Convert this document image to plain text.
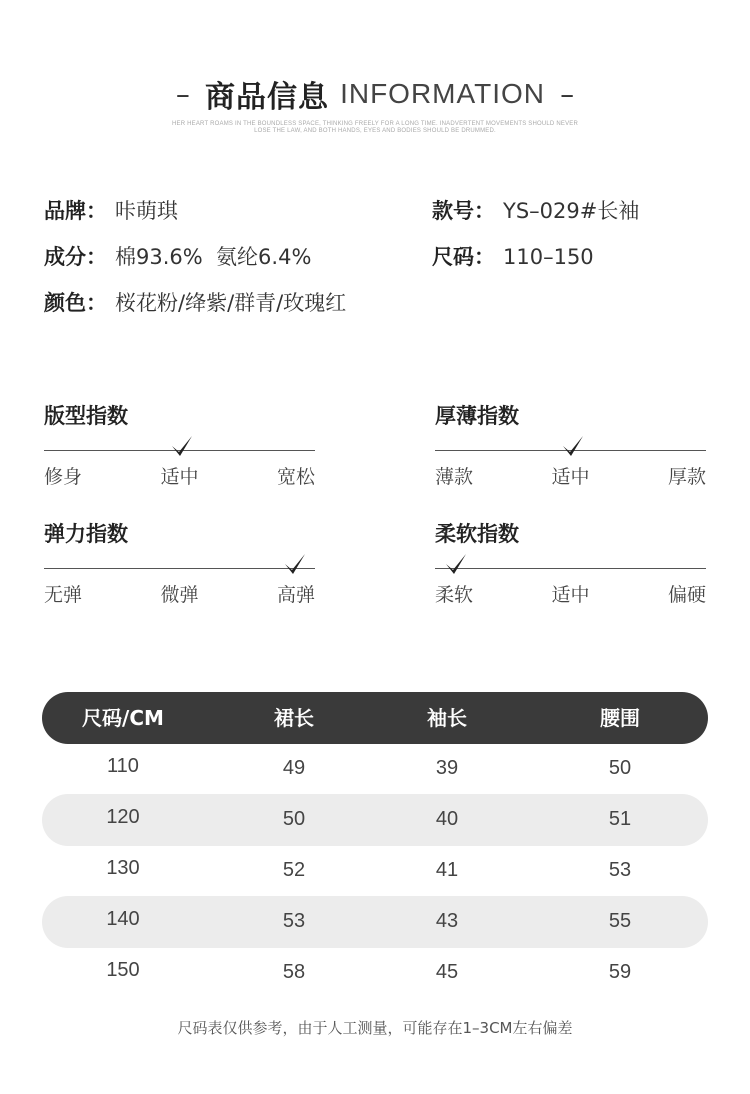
– 商品信息 INFORMATION –
HER HEART ROAMS IN THE BOUNDLESS SPACE, THINKING FREELY FOR A LONG TIME. INADVERTENT MOVEMENTS SHOULD NEVER
LOSE THE LAW, AND BOTH HANDS, EYES AND BODIES SHOULD BE DRUMMED.
品牌： 咔萌琪	款号： YS–029#长袖
成分： 棉93.6%  氨纶6.4%	尺码： 110–150
颜色： 桜花粉/绛紫/群青/玫瑰红
版型指数
修身	适中	宽松
厚薄指数
薄款	适中	厚款
弹力指数
无弹	微弹	高弹
柔软指数
柔软	适中	偏硬
尺码/CM	裙长	袖长	腰围
110	49	39	50
120	50	40	51
130	52	41	53
140	53	43	55
150	58	45	59
尺码表仅供参考，由于人工测量，可能存在1–3CM左右偏差
